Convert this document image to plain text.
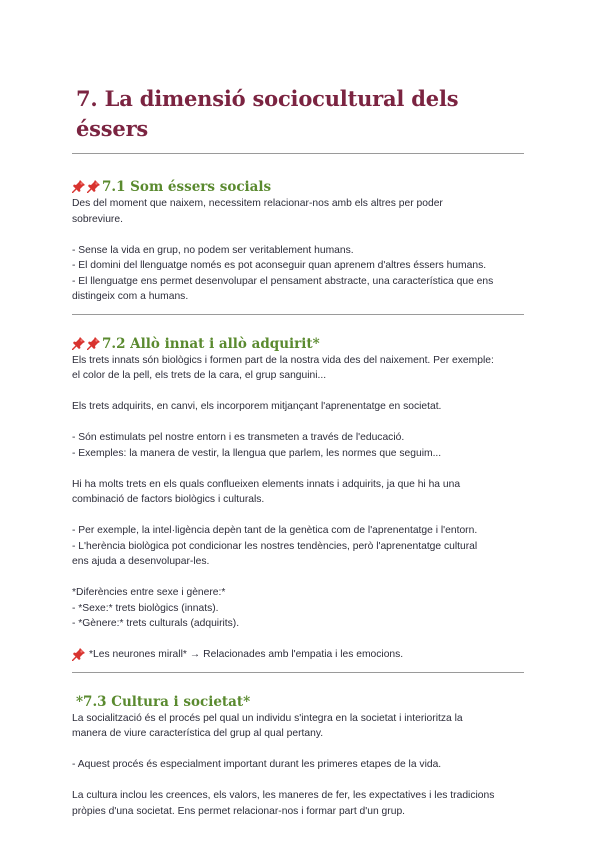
7. La dimensió sociocultural dels éssers
7.1 Som éssers socials

Des del moment que naixem, necessitem relacionar-nos amb els altres per poder
sobreviure.

- Sense la vida en grup, no podem ser veritablement humans.
- El domini del llenguatge només es pot aconseguir quan aprenem d'altres éssers humans.
- El llenguatge ens permet desenvolupar el pensament abstracte, una característica que ens
distingeix com a humans.

7.2 Allò innat i allò adquirit*

Els trets innats són biològics i formen part de la nostra vida des del naixement. Per exemple:
el color de la pell, els trets de la cara, el grup sanguini...

Els trets adquirits, en canvi, els incorporem mitjançant l'aprenentatge en societat.

- Són estimulats pel nostre entorn i es transmeten a través de l'educació.
- Exemples: la manera de vestir, la llengua que parlem, les normes que seguim...

Hi ha molts trets en els quals conflueixen elements innats i adquirits, ja que hi ha una
combinació de factors biològics i culturals.

- Per exemple, la intel·ligència depèn tant de la genètica com de l'aprenentatge i l'entorn.
- L'herència biològica pot condicionar les nostres tendències, però l'aprenentatge cultural
ens ajuda a desenvolupar-les.

*Diferències entre sexe i gènere:*
- *Sexe:* trets biològics (innats).
- *Gènere:* trets culturals (adquirits).

*Les neurones mirall* → Relacionades amb l'empatia i les emocions.

*7.3 Cultura i societat*

La socialització és el procés pel qual un individu s'integra en la societat i interioritza la
manera de viure característica del grup al qual pertany.

- Aquest procés és especialment important durant les primeres etapes de la vida.

La cultura inclou les creences, els valors, les maneres de fer, les expectatives i les tradicions
pròpies d'una societat. Ens permet relacionar-nos i formar part d'un grup.
